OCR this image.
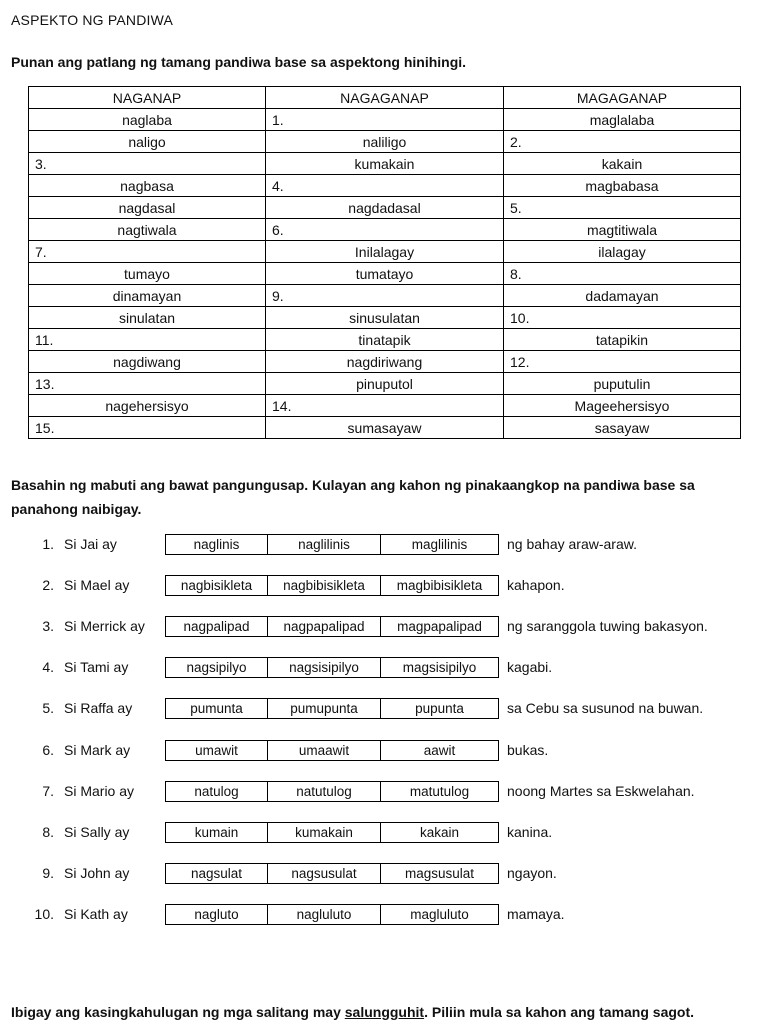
ASPEKTO NG PANDIWA
Punan ang patlang ng tamang pandiwa base sa aspektong hinihingi.
NAGANAP	NAGAGANAP	MAGAGANAP
naglaba	1.	maglalaba
naligo	naliligo	2.
3.	kumakain	kakain
nagbasa	4.	magbabasa
nagdasal	nagdadasal	5.
nagtiwala	6.	magtitiwala
7.	Inilalagay	ilalagay
tumayo	tumatayo	8.
dinamayan	9.	dadamayan
sinulatan	sinusulatan	10.
11.	tinatapik	tatapikin
nagdiwang	nagdiriwang	12.
13.	pinuputol	puputulin
nagehersisyo	14.	Mageehersisyo
15.	sumasayaw	sasayaw
Basahin ng mabuti ang bawat pangungusap. Kulayan ang kahon ng pinakaangkop na pandiwa base sa panahong naibigay.
1. Si Jai ay	naglinis	naglilinis	maglilinis	ng bahay araw-araw.
2. Si Mael ay	nagbisikleta	nagbibisikleta	magbibisikleta	kahapon.
3. Si Merrick ay	nagpalipad	nagpapalipad	magpapalipad	ng saranggola tuwing bakasyon.
4. Si Tami ay	nagsipilyo	nagsisipilyo	magsisipilyo	kagabi.
5. Si Raffa ay	pumunta	pumupunta	pupunta	sa Cebu sa susunod na buwan.
6. Si Mark ay	umawit	umaawit	aawit	bukas.
7. Si Mario ay	natulog	natutulog	matutulog	noong Martes sa Eskwelahan.
8. Si Sally ay	kumain	kumakain	kakain	kanina.
9. Si John ay	nagsulat	nagsusulat	magsusulat	ngayon.
10. Si Kath ay	nagluto	nagluluto	magluluto	mamaya.
Ibigay ang kasingkahulugan ng mga salitang may salungguhit. Piliin mula sa kahon ang tamang sagot.
